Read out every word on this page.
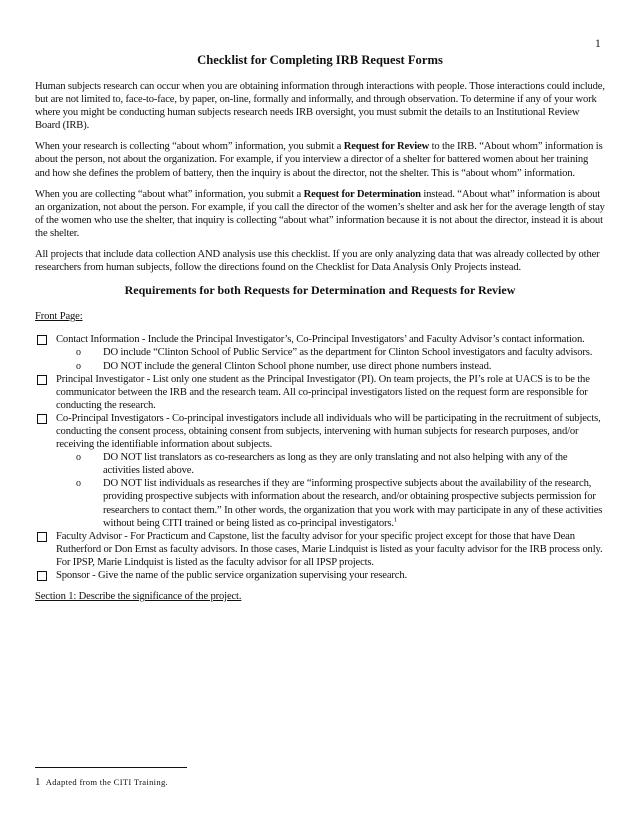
1
Checklist for Completing IRB Request Forms

Human subjects research can occur when you are obtaining information through interactions with people. Those interactions could include, but are not limited to, face-to-face, by paper, on-line, formally and informally, and through observation. To determine if any of your work where you might be conducting human subjects research needs IRB oversight, you must submit the details to an Institutional Review Board (IRB).

When your research is collecting “about whom” information, you submit a Request for Review to the IRB. “About whom” information is about the person, not about the organization. For example, if you interview a director of a shelter for battered women about her training and how she defines the problem of battery, then the inquiry is about the director, not the shelter. This is “about whom” information.

When you are collecting “about what” information, you submit a Request for Determination instead. “About what” information is about an organization, not about the person. For example, if you call the director of the women’s shelter and ask her for the average length of stay of the women who use the shelter, that inquiry is collecting “about what” information because it is not about the director, instead it is about the shelter.

All projects that include data collection AND analysis use this checklist. If you are only analyzing data that was already collected by other researchers from human subjects, follow the directions found on the Checklist for Data Analysis Only Projects instead.

Requirements for both Requests for Determination and Requests for Review
Front Page:
Contact Information - Include the Principal Investigator’s, Co-Principal Investigators’ and Faculty Advisor’s contact information.
o	DO include “Clinton School of Public Service” as the department for Clinton School investigators and faculty advisors.
o	DO NOT include the general Clinton School phone number, use direct phone numbers instead.
Principal Investigator - List only one student as the Principal Investigator (PI). On team projects, the PI’s role at UACS is to be the communicator between the IRB and the research team. All co-principal investigators listed on the request form are responsible for conducting the research.
Co-Principal Investigators - Co-principal investigators include all individuals who will be participating in the recruitment of subjects, conducting the consent process, obtaining consent from subjects, intervening with human subjects for research purposes, and/or receiving the identifiable information about subjects.
o	DO NOT list translators as co-researchers as long as they are only translating and not also helping with any of the activities listed above.
o	DO NOT list individuals as researches if they are “informing prospective subjects about the availability of the research, providing prospective subjects with information about the research, and/or obtaining prospective subjects permission for researchers to contact them.” In other words, the organization that you work with may participate in any of these activities without being CITI trained or being listed as co-principal investigators.$^1$
Faculty Advisor - For Practicum and Capstone, list the faculty advisor for your specific project except for those that have Dean Rutherford or Don Ernst as faculty advisors. In those cases, Marie Lindquist is listed as your faculty advisor for the IRB process only. For IPSP, Marie Lindquist is listed as the faculty advisor for all IPSP projects.
Sponsor - Give the name of the public service organization supervising your research.
Section 1: Describe the significance of the project.
1 Adapted from the CITI Training.
